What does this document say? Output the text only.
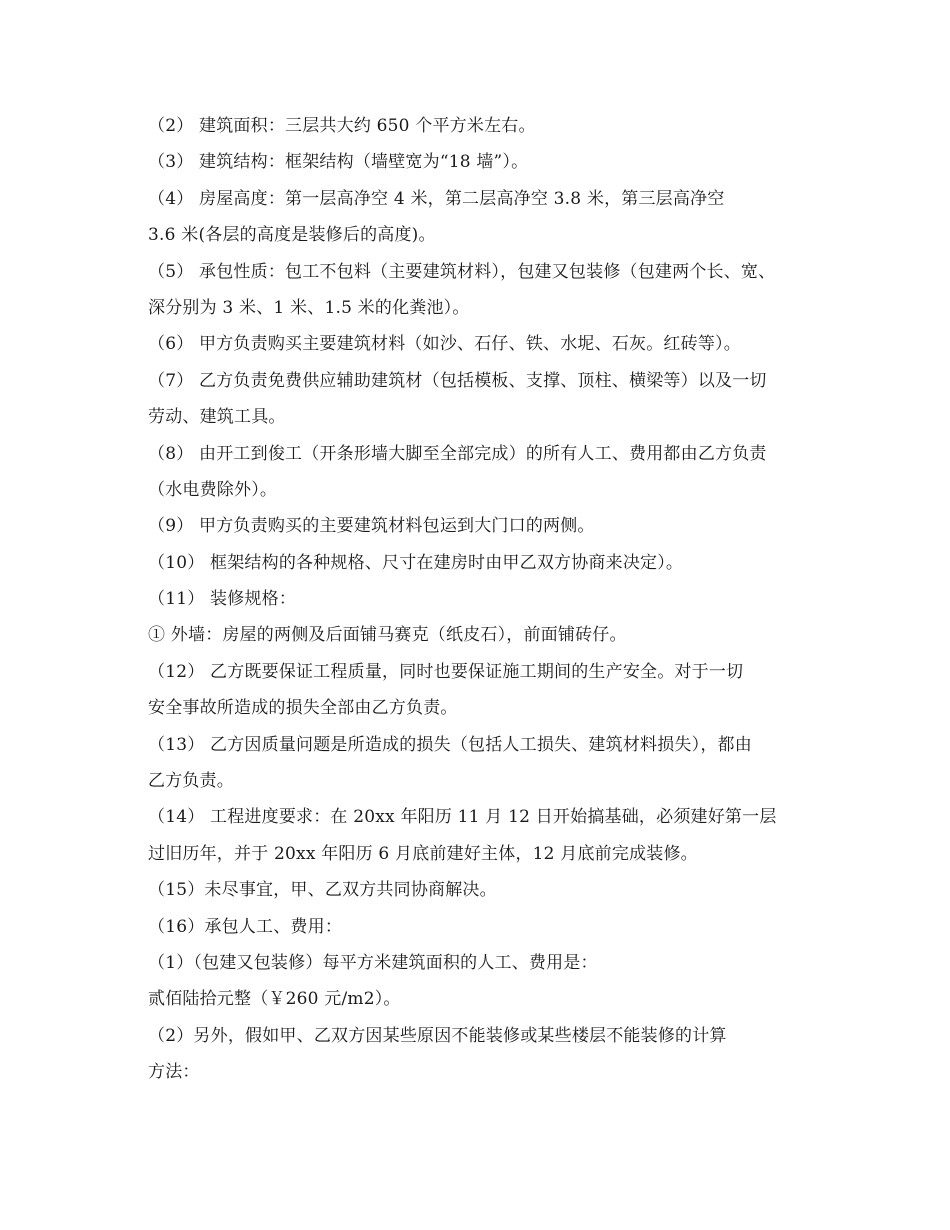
（2） 建筑面积：三层共大约 650 个平方米左右。
（3） 建筑结构：框架结构（墙壁宽为“18 墙”）。
（4） 房屋高度：第一层高净空 4 米，第二层高净空 3.8 米，第三层高净空
3.6 米(各层的高度是装修后的高度)。
（5） 承包性质：包工不包料（主要建筑材料），包建又包装修（包建两个长、宽、
深分别为 3 米、1 米、1.5 米的化粪池）。
（6） 甲方负责购买主要建筑材料（如沙、石仔、铁、水坭、石灰。红砖等）。
（7） 乙方负责免费供应辅助建筑材（包括模板、支撑、顶柱、横梁等）以及一切
劳动、建筑工具。
（8） 由开工到俊工（开条形墙大脚至全部完成）的所有人工、费用都由乙方负责
（水电费除外）。
（9） 甲方负责购买的主要建筑材料包运到大门口的两侧。
（10） 框架结构的各种规格、尺寸在建房时由甲乙双方协商来决定）。
（11） 装修规格：
① 外墙：房屋的两侧及后面铺马赛克（纸皮石），前面铺砖仔。
（12） 乙方既要保证工程质量，同时也要保证施工期间的生产安全。对于一切
安全事故所造成的损失全部由乙方负责。
（13） 乙方因质量问题是所造成的损失（包括人工损失、建筑材料损失），都由
乙方负责。
（14） 工程进度要求：在 20xx 年阳历 11 月 12 日开始搞基础，必须建好第一层
过旧历年，并于 20xx 年阳历 6 月底前建好主体，12 月底前完成装修。
（15）未尽事宜，甲、乙双方共同协商解决。
（16）承包人工、费用：
（1）（包建又包装修）每平方米建筑面积的人工、费用是：
贰佰陆拾元整（￥260 元/m2）。
（2）另外，假如甲、乙双方因某些原因不能装修或某些楼层不能装修的计算
方法：
